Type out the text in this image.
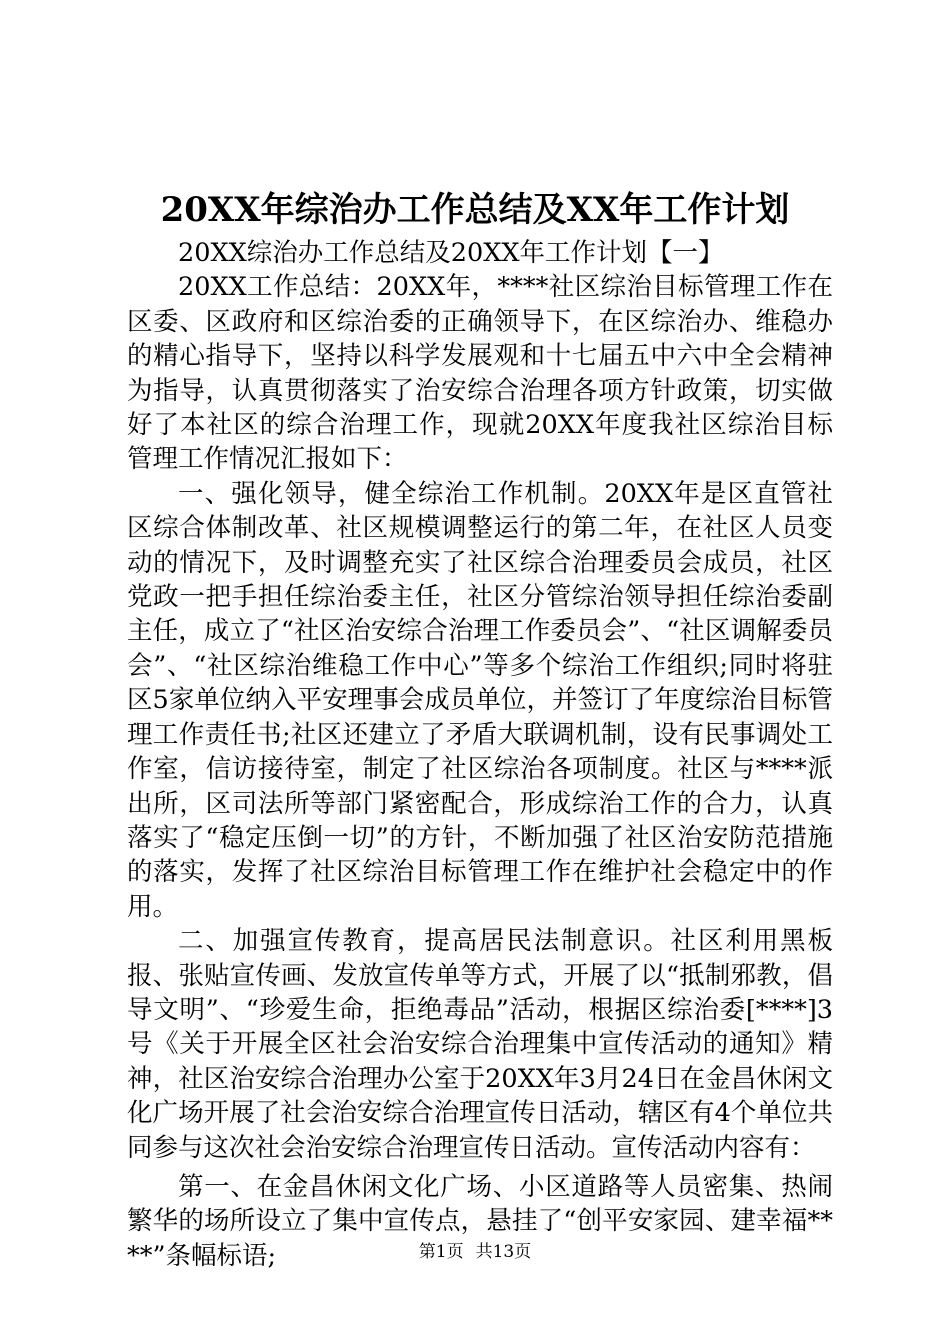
20XX年综治办工作总结及XX年工作计划

20XX综治办工作总结及20XX年工作计划【一】

20XX工作总结：20XX年，****社区综治目标管理工作在区委、区政府和区综治委的正确领导下，在区综治办、维稳办的精心指导下，坚持以科学发展观和十七届五中六中全会精神为指导，认真贯彻落实了治安综合治理各项方针政策，切实做好了本社区的综合治理工作，现就20XX年度我社区综治目标管理工作情况汇报如下：

一、强化领导，健全综治工作机制。20XX年是区直管社区综合体制改革、社区规模调整运行的第二年，在社区人员变动的情况下，及时调整充实了社区综合治理委员会成员，社区党政一把手担任综治委主任，社区分管综治领导担任综治委副主任，成立了“社区治安综合治理工作委员会”、“社区调解委员会”、“社区综治维稳工作中心”等多个综治工作组织;同时将驻区5家单位纳入平安理事会成员单位，并签订了年度综治目标管理工作责任书;社区还建立了矛盾大联调机制，设有民事调处工作室，信访接待室，制定了社区综治各项制度。社区与****派出所，区司法所等部门紧密配合，形成综治工作的合力，认真落实了“稳定压倒一切”的方针，不断加强了社区治安防范措施的落实，发挥了社区综治目标管理工作在维护社会稳定中的作用。

二、加强宣传教育，提高居民法制意识。社区利用黑板报、张贴宣传画、发放宣传单等方式，开展了以“抵制邪教，倡导文明”、“珍爱生命，拒绝毒品”活动，根据区综治委[****]3号《关于开展全区社会治安综合治理集中宣传活动的通知》精神，社区治安综合治理办公室于20XX年3月24日在金昌休闲文化广场开展了社会治安综合治理宣传日活动，辖区有4个单位共同参与这次社会治安综合治理宣传日活动。宣传活动内容有：

第一、在金昌休闲文化广场、小区道路等人员密集、热闹繁华的场所设立了集中宣传点，悬挂了“创平安家园、建幸福****”条幅标语;	第1页 共13页
